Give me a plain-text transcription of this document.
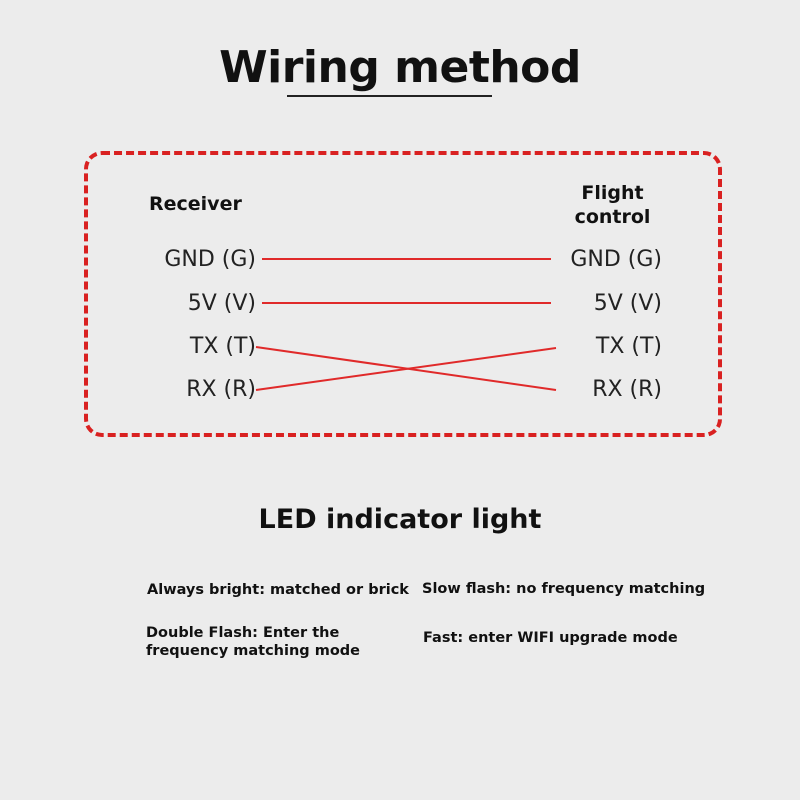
Wiring method
Receiver	Flight
control
GND (G)
5V (V)
TX (T)
RX (R)
GND (G)
5V (V)
TX (T)
RX (R)
LED indicator light
Always bright: matched or brick Slow flash: no frequency matching
Double Flash: Enter the frequency matching mode
Fast: enter WIFI upgrade mode
